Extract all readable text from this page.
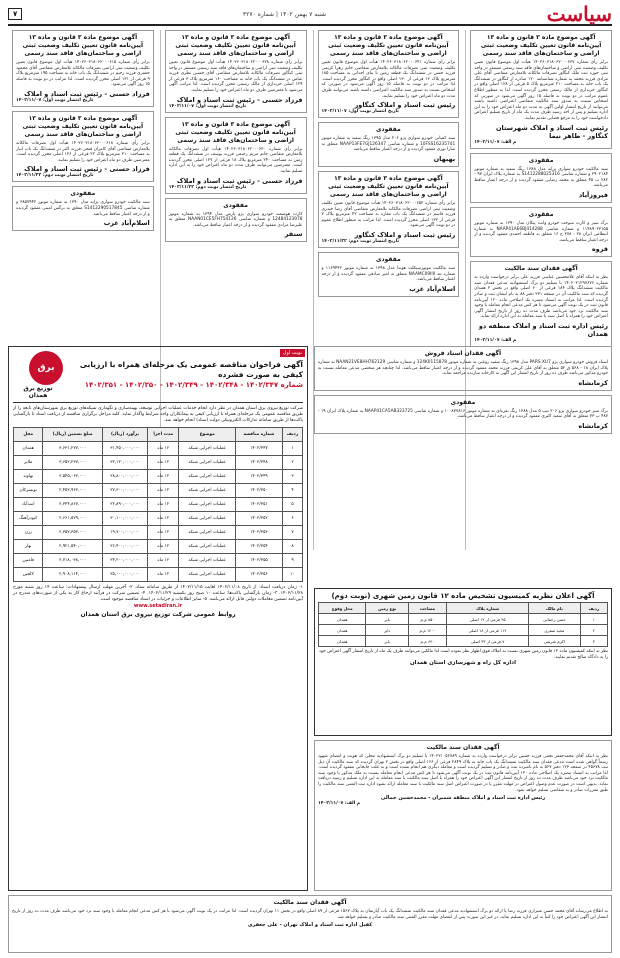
سیاست
شنبه ۷ بهمن ۱۴۰۲ | شماره ۳۲۷۰
۷
آگهی موضوع ماده ۳ قانون و ماده ۱۳ آیین‌نامه قانون تعیین تکلیف وضعیت ثبتی اراضی و ساختمان‌های فاقد سند رسمی
برابر رأی شماره ۱۴۰۲۶۰۳۱۸۰۶۲۰۰۰۶۳۷ هیأت اول موضوع قانون تعیین تکلیف وضعیت ثبتی اراضی و ساختمان‌های فاقد سند رسمی مستقر در واحد ثبتی حوزه ثبت ملک کنگاور تصرفات مالکانه بلامعارض متقاضی آقای علی مرادی فرزند محمد به شماره شناسنامه ۱۲۰ صادره از کنگاور در ششدانگ یک باب خانه به مساحت ۲۱۰ مترمربع پلاک ۵ فرعی از ۱۲۸ اصلی واقع در کنگاور خریداری از مالک رسمی محرز گردیده است. لذا به منظور اطلاع عموم مراتب در دو نوبت به فاصله ۱۵ روز آگهی می‌شود در صورتی که اشخاص نسبت به صدور سند مالکیت متقاضی اعتراضی داشته باشند می‌توانند از تاریخ انتشار اولین آگهی به مدت دو ماه اعتراض خود را به این اداره تسلیم و پس از اخذ رسید ظرف مدت یک ماه از تاریخ تسلیم اعتراض دادخواست خود را به مرجع قضایی تقدیم نمایند.
رئیس ثبت اسناد و املاک شهرستان کنگاور - طاهر نیما
م الف: ۱۴۰۲/۱۱/۰۷
مفقودی
سند مالکیت خودرو سواری پراید مدل ۱۳۸۸ رنگ سفید به شماره موتور ۲۹۰۲۱۸۴ و شماره شاسی S1412288025316 به شماره پلاک ایران ۹۷ - ۲۸۲ ب ۴۵ متعلق به محمد رضایی مفقود گردیده و از درجه اعتبار ساقط می‌باشد.
فیروزآباد
مفقودی
برگ سبز و کارت سوخت خودرو وانت پیکان مدل ۱۳۹۰ به شماره موتور ۱۱۴۸۹۰۲۳۱۵۵ و شماره شاسی NAAP41AE6BJ414288 به شماره انتظامی ایران ۳۸ - ۳۷۸ ج ۱۶ متعلق به فاطمه احمدی مفقود گردیده و از درجه اعتبار ساقط می‌باشد.
قروه
آگهی فقدان سند مالکیت
نظر به اینکه آقای غلامحسین عباسی فرزند علی برابر درخواست وارده به شماره ۱۴۰۲۰۲۱۲۹۷۶۷۶ با تسلیم دو برگ استشهادیه مدعی فقدان سند مالکیت ششدانگ پلاک ۱۸۴ فرعی از ۶۰ اصلی واقع در بخش ۲ همدان گردیده که سند مالکیت آن در صفحه ۲۳۱ دفتر ۸۸ به نام ایشان ثبت و صادر گردیده است. لذا مراتب به استناد تبصره یک اصلاحی ماده ۱۲۰ آیین‌نامه قانون ثبت در یک نوبت آگهی می‌شود تا هر کس مدعی انجام معامله یا وجود سند مالکیت نزد خود می‌باشد ظرف مدت ده روز از تاریخ انتشار آگهی اعتراض خود را همراه با اصل سند یا سند معامله به این اداره ارائه نماید.
رئیس اداره ثبت اسناد و املاک منطقه دو همدان
م الف: ۱۴۰۲/۱۱/۰۷
آگهی موضوع ماده ۳ قانون و ماده ۱۳ آیین‌نامه قانون تعیین تکلیف وضعیت ثبتی اراضی و ساختمان‌های فاقد سند رسمی
برابر رأی شماره ۱۴۰۲۶۰۳۱۸۰۶۲۰۰۰۶۴۱ هیأت اول موضوع قانون تعیین تکلیف وضعیت ثبتی تصرفات مالکانه بلامعارض متقاضی خانم زهرا کریمی فرزند حسن در ششدانگ یک قطعه زمین با بنای احداثی به مساحت ۱۸۵ مترمربع پلاک ۱۲ فرعی از ۱۳۰ اصلی واقع در کنگاور محرز گردیده است. لذا مراتب در دو نوبت به فاصله ۱۵ روز آگهی می‌شود در صورتی که اشخاص نسبت به صدور سند مالکیت اعتراضی داشته باشند می‌توانند ظرف مدت دو ماه اعتراض خود را تسلیم نمایند.
رئیس ثبت اسناد و املاک کنگاور
تاریخ انتشار نوبت اول: ۱۴۰۲/۱۱/۰۷
مفقودی
سند کمپانی خودرو سواری پژو ۲۰۶ مدل ۱۳۹۵ رنگ سفید به شماره موتور 10FSS16235741 و شماره شاسی NAAP13FE7GJ126347 متعلق به سارا نوری مفقود گردیده و از درجه اعتبار ساقط می‌باشد.
بهبهان
آگهی موضوع ماده ۳ قانون و ماده ۱۳ آیین‌نامه قانون تعیین تکلیف وضعیت ثبتی اراضی و ساختمان‌های فاقد سند رسمی
برابر رأی شماره ۱۴۰۲۶۰۳۱۸۰۶۲۰۰۰۶۵۲ هیأت موضوع قانون تعیین تکلیف وضعیت ثبتی اراضی تصرفات مالکانه بلامعارض متقاضی آقای رضا حیدری فرزند قاسم در ششدانگ یک باب مغازه به مساحت ۴۲ مترمربع پلاک ۷ فرعی از ۱۳۲ اصلی محرز گردیده است. لذا مراتب به منظور اطلاع عموم در دو نوبت آگهی می‌شود.
رئیس ثبت اسناد و املاک کنگاور
تاریخ انتشار نوبت دوم: ۱۴۰۲/۱۱/۲۲
مفقودی
سند مالکیت موتورسیکلت هوندا مدل ۱۳۹۸ به شماره موتور ۱۱۶۹۴۴۲ و شماره تنه NAAMC09IIII متعلق به امیر صادقی مفقود گردیده و از درجه اعتبار ساقط می‌باشد.
اسلام‌آباد غرب
آگهی موضوع ماده ۳ قانون و ماده ۱۳ آیین‌نامه قانون تعیین تکلیف وضعیت ثبتی اراضی و ساختمان‌های فاقد سند رسمی
برابر رأی شماره ۱۴۰۲۶۰۳۱۸۰۶۲۰۰۰۶۲۸ هیأت اول موضوع قانون تعیین تکلیف وضعیت ثبتی اراضی و ساختمان‌های فاقد سند رسمی مستقر در واحد ثبتی کنگاور تصرفات مالکانه بلامعارض متقاضی آقای حسین نظری فرزند عباس در ششدانگ یک باب خانه به مساحت ۱۶۰ مترمربع پلاک ۳ فرعی از ۱۲۹ اصلی خریداری از مالک رسمی محرز گردیده است. لذا مراتب آگهی می‌شود تا معترضین ظرف دو ماه اعتراض خود را تسلیم نمایند.
فرزاد حسنی - رئیس ثبت اسناد و املاک
تاریخ انتشار نوبت اول: ۱۴۰۲/۱۱/۰۷
آگهی موضوع ماده ۳ قانون و ماده ۱۳ آیین‌نامه قانون تعیین تکلیف وضعیت ثبتی اراضی و ساختمان‌های فاقد سند رسمی
برابر رأی شماره ۱۴۰۲۶۰۳۱۸۰۶۲۰۰۰۶۳۰ هیأت اول تصرفات مالکانه بلامعارض متقاضی خانم مریم رحیمی فرزند یوسف در ششدانگ یک قطعه زمین به مساحت ۲۴۰ مترمربع پلاک ۱۸ فرعی از ۱۲۷ اصلی محرز گردیده است. معترضین می‌توانند ظرف مدت دو ماه اعتراض خود را به این اداره تسلیم نمایند.
فرزاد حسنی - رئیس ثبت اسناد و املاک
تاریخ انتشار نوبت دوم: ۱۴۰۲/۱۱/۲۲
مفقودی
کارت هوشمند خودرو سواری پژو پارس مدل ۱۳۹۴ به شماره موتور 12484123978 و شماره شاسی NAAN01CE5FH754126 متعلق به علیرضا مرادی مفقود گردیده و از درجه اعتبار ساقط می‌باشد.
سنقر
آگهی موضوع ماده ۳ قانون و ماده ۱۳ آیین‌نامه قانون تعیین تکلیف وضعیت ثبتی اراضی و ساختمان‌های فاقد سند رسمی
برابر رأی شماره ۱۴۰۲۶۰۳۱۸۰۶۲۰۰۰۶۱۵ هیأت اول موضوع قانون تعیین تکلیف وضعیت ثبتی اراضی تصرفات مالکانه بلامعارض متقاضی آقای محمود جعفری فرزند رحیم در ششدانگ یک باب خانه به مساحت ۱۹۵ مترمربع پلاک ۹ فرعی از ۱۳۱ اصلی محرز گردیده است. لذا مراتب در دو نوبت به فاصله ۱۵ روز آگهی می‌شود.
فرزاد حسنی - رئیس ثبت اسناد و املاک
تاریخ انتشار نوبت اول: ۱۴۰۲/۱۱/۰۷
آگهی موضوع ماده ۳ قانون و ماده ۱۳ آیین‌نامه قانون تعیین تکلیف وضعیت ثبتی اراضی و ساختمان‌های فاقد سند رسمی
برابر رأی شماره ۱۴۰۲۶۰۳۱۸۰۶۲۰۰۰۶۱۸ هیأت اول تصرفات مالکانه بلامعارض متقاضی آقای کامران فتحی فرزند اکبر در ششدانگ یک باب انبار به مساحت ۳۱۰ مترمربع پلاک ۲۲ فرعی از ۱۲۶ اصلی محرز گردیده است. معترضین ظرف دو ماه اعتراض خود را تسلیم نمایند.
فرزاد حسنی - رئیس ثبت اسناد و املاک
تاریخ انتشار نوبت دوم: ۱۴۰۲/۱۱/۲۲
مفقودی
سند مالکیت خودرو سواری پراید مدل ۱۳۹۰ به شماره موتور ۳۸۵۷۹۴۲ و شماره شاسی S1412290517845 متعلق به نرگس امینی مفقود گردیده و از درجه اعتبار ساقط می‌باشد.
اسلام‌آباد غرب
آگهی فقدان اسناد فروش
اسناد فروش خودرو سواری پژو PARS XU7 مدل ۱۳۹۸ رنگ سفید روغنی به شماره موتور 124K0115878 و شماره شاسی NAAN21VE8HH762129 به شماره پلاک ایران ۱۸ - ۵۶۸ ق ۵۲ متعلق به آقای علی کریمی فرزند محمد مفقود گردیده و از درجه اعتبار ساقط می‌باشد. لذا چنانچه هر شخصی مدعی معامله نسبت به خودرو مذکور می‌باشد ظرف ده روز از تاریخ انتشار این آگهی به کارخانه سازنده مراجعه نماید.
کرمانشاه
مفقودی
برگ سبز خودرو سواری پژو ۲۰۶ تیپ ۵ مدل ۱۳۸۸ رنگ نقره‌ای به شماره موتور ۱۰۰۸۷۷۸۱۶ و شماره شاسی NAAP41CA5AB323725 به شماره پلاک ایران ۱۹ - ۴۸۷ ب ۷۳ متعلق به آقای سعید اکبری مفقود گردیده و از درجه اعتبار ساقط می‌باشد.
کرمانشاه
نوبت اول
آگهی فراخوان مناقصه عمومی یک مرحله‌ای همراه با ارزیابی کیفی به صورت فشرده
شماره ۱۴۰۲/۳۴۷ - ۱۴۰۲/۳۴۸ - ۱۴۰۲/۳۴۹ - ۱۴۰۲/۳۵۰ - ۱۴۰۲/۳۵۱
برق
توزیع برق همدان
شرکت توزیع نیروی برق استان همدان در نظر دارد انجام خدمات عملیات اجرایی توسعه، بهینه‌سازی و نگهداری شبکه‌های توزیع برق شهرستان‌های تابعه را از طریق مناقصه عمومی یک مرحله‌ای همراه با ارزیابی کیفی به پیمانکاران واجد شرایط واگذار نماید. کلیه مراحل برگزاری مناقصه از دریافت اسناد تا بازگشایی پاکت‌ها از طریق سامانه تدارکات الکترونیکی دولت (ستاد) انجام خواهد شد.
ردیف	شماره مناقصه	موضوع	مدت اجرا	برآورد (ریال)	مبلغ تضمین (ریال)	محل
۱	۱۴۰۲/۳۴۷	عملیات اجرایی شبکه	۱۲ ماه	۳۱,۴۵۰,۰۰۰,۰۰۰	۳,۶۳۱,۲۷۷,۰۰۰	همدان
۲	۱۴۰۲/۳۴۸	عملیات اجرایی شبکه	۱۲ ماه	۳۲,۱۲۰,۰۰۰,۰۰۰	۳,۶۵۲,۲۳۷,۰۰۰	ملایر
۳	۱۴۰۲/۳۴۹	عملیات اجرایی شبکه	۱۲ ماه	۲۸,۸۰۰,۰۰۰,۰۰۰	۳,۵۴۵,۰۶۲,۰۰۰	نهاوند
۴	۱۴۰۲/۳۵۰	عملیات اجرایی شبکه	۱۲ ماه	۲۷,۳۰۰,۰۰۰,۰۰۰	۲,۴۵۳,۹۶۳,۰۰۰	تویسرکان
۵	۱۴۰۲/۳۵۱	عملیات اجرایی شبکه	۱۲ ماه	۲۲,۸۹۰,۰۰۰,۰۰۰	۲,۳۴۴,۸۶۷,۰۰۰	اسدآباد
۶	۱۴۰۲/۳۵۲	عملیات اجرایی شبکه	۱۲ ماه	۳۰,۱۰۰,۰۰۰,۰۰۰	۲,۶۶۱,۵۲۹,۰۰۰	کبودرآهنگ
۷	۱۴۰۲/۳۵۳	عملیات اجرایی شبکه	۱۲ ماه	۱۹,۷۰۰,۰۰۰,۰۰۰	۲,۳۵۷,۳۵۳,۰۰۰	رزن
۸	۱۴۰۲/۳۵۴	عملیات اجرایی شبکه	۱۲ ماه	۲۶,۴۰۰,۰۰۰,۰۰۰	۲,۹۲۱,۵۴۰,۰۰۰	بهار
۹	۱۴۰۲/۳۵۵	عملیات اجرایی شبکه	۱۲ ماه	۲۴,۲۰۰,۰۰۰,۰۰۰	۲,۷۱۸,۰۳۸,۰۰۰	فامنین
۱۰	۱۴۰۲/۳۵۶	عملیات اجرایی شبکه	۱۲ ماه	۲۵,۰۰۰,۰۰۰,۰۰۰	۲,۹۰۸,۱۱۴,۰۰۰	لالجین
۱- زمان دریافت اسناد: از تاریخ ۱۴۰۲/۱۱/۰۸ لغایت ۱۴۰۲/۱۱/۱۵ از طریق سامانه ستاد. ۲- آخرین مهلت ارسال پیشنهادات: ساعت ۱۴ روز شنبه مورخ ۱۴۰۲/۱۱/۲۸. ۳- زمان بازگشایی پاکت‌ها: ساعت ۱۰ صبح روز یکشنبه ۱۴۰۲/۱۱/۲۹. ۴- تضمین شرکت در فرآیند ارجاع کار به یکی از صورت‌های مندرج در آیین‌نامه تضمین معاملات دولتی قابل ارائه می‌باشد. ۵- سایر اطلاعات و جزئیات در اسناد مناقصه موجود است.
www.setadiran.ir
روابط عمومی شرکت توزیع نیروی برق استان همدان
آگهی اعلان نظریه کمیسیون تشخیص ماده ۱۲ قانون زمین شهری (نوبت دوم)
ردیف	نام مالک	شماره پلاک	مساحت	نوع زمین	محل وقوع
۱	حسن رحمانی	۴۵ فرعی از ۱۲ اصلی	۸۵۰ م.م	بایر	همدان
۲	مجید صفری	۱۱۲ فرعی از ۱۸ اصلی	۱۲۰۰ م.م	دایر	همدان
۳	اکرم شریفی	۷ فرعی از ۳۳ اصلی	۶۴۰ م.م	بایر	همدان
نظر به اینکه کمیسیون ماده ۱۲ قانون زمین شهری نسبت به املاک فوق اظهار نظر نموده است لذا مالکین می‌توانند ظرف یک ماه از تاریخ انتشار آگهی اعتراض خود را به دادگاه صالح تقدیم نمایند.
اداره کل راه و شهرسازی استان همدان
آگهی فقدان سند مالکیت
نظر به اینکه آقای محمدجعفر نجفی فرزند حسین برابر درخواست وارده به شماره ۱۴۰۲۲۱۰۵۶۷۸۹ با تسلیم دو برگ استشهادیه محلی که هویت و امضای شهود رسماً گواهی شده است مدعی فقدان سند مالکیت ششدانگ یک باب خانه به پلاک ۲۸۴۹ فرعی از ۱۶۶ اصلی واقع در بخش ۲ تهران گردیده که سند مالکیت آن ذیل ثبت ۴۵۶۷۸ در صفحه ۱۲۳ دفتر ۵۶۷ به نام نامبرده ثبت و صادر و تسلیم گردیده است و معامله دیگری هم انجام نشده است و به علت جابجایی مفقود گردیده است. لذا مراتب به استناد تبصره یک اصلاحی ماده ۱۲۰ آیین‌نامه قانون ثبت در یک نوبت آگهی می‌شود تا هر کس مدعی انجام معامله نسبت به ملک مذکور یا وجود سند مالکیت نزد خود می‌باشد ظرف مدت ده روز از تاریخ انتشار این آگهی اعتراض خود را همراه با اصل سند مالکیت یا سند معامله به این اداره تسلیم و رسید دریافت نماید. بدیهی است در صورت عدم وصول اعتراض در مهلت مقرر یا در صورت اعتراض اصل سند مالکیت یا سند معامله ارائه نشود اداره ثبت المثنی سند مالکیت را طبق مقررات صادر و به متقاضی تسلیم خواهد نمود.
رئیس اداره ثبت اسناد و املاک منطقه شمیران - محمدحسین جمالی
م الف: ۱۴۰۲/۱۱/۰۷
آگهی فقدان سند مالکیت
به اطلاع می‌رساند آقای محمد حسن شیرازی فرزند رضا با ارائه دو برگ استشهادیه مدعی فقدان سند مالکیت ششدانگ یک باب آپارتمان به پلاک ۱۵۶۷ فرعی از ۸۹ اصلی واقع در بخش ۱۱ تهران گردیده است. لذا مراتب در یک نوبت آگهی می‌شود تا هر کس مدعی انجام معامله یا وجود سند نزد خود می‌باشد ظرف مدت ده روز از تاریخ انتشار این آگهی اعتراض خود را کتباً به این اداره تسلیم نماید، در غیر این صورت پس از انقضای مهلت مقرر المثنی سند مالکیت صادر و تسلیم خواهد شد.
کفیل اداره ثبت اسناد و املاک تهران - علی جعفری
